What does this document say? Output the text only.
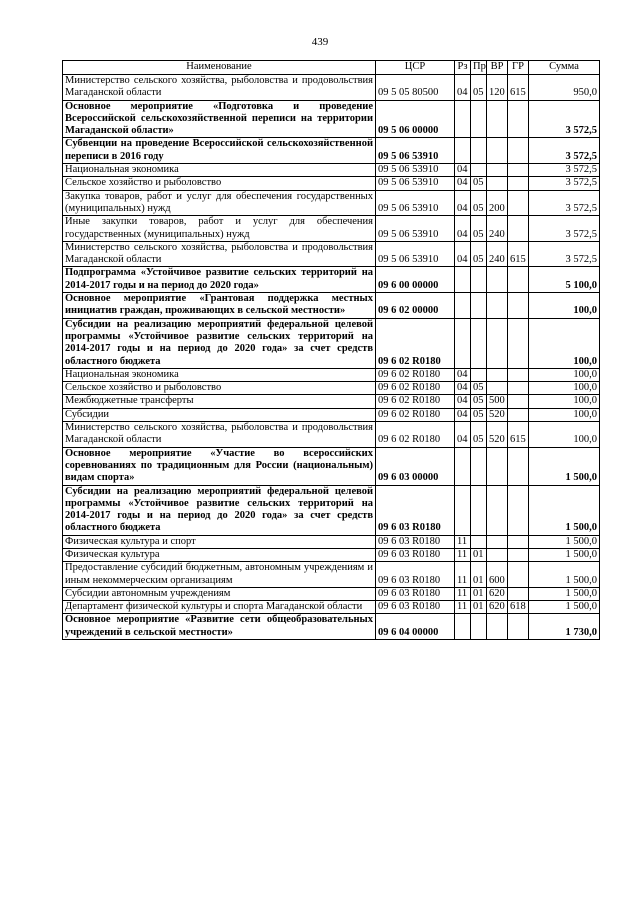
439
Наименование	ЦСР	Рз	Пр	ВР	ГР	Сумма
Министерство сельского хозяйства, рыболовства и продовольствия Магаданской области	09 5 05 80500	04	05	120	615	950,0
Основное мероприятие «Подготовка и проведение Всероссийской сельскохозяйственной переписи на территории Магаданской области»	09 5 06 00000					3 572,5
Субвенции на проведение Всероссийской сельскохозяйственной переписи в 2016 году	09 5 06 53910					3 572,5
Национальная экономика	09 5 06 53910	04				3 572,5
Сельское хозяйство и рыболовство	09 5 06 53910	04	05			3 572,5
Закупка товаров, работ и услуг для обеспечения государственных (муниципальных) нужд	09 5 06 53910	04	05	200		3 572,5
Иные закупки товаров, работ и услуг для обеспечения государственных (муниципальных) нужд	09 5 06 53910	04	05	240		3 572,5
Министерство сельского хозяйства, рыболовства и продовольствия Магаданской области	09 5 06 53910	04	05	240	615	3 572,5
Подпрограмма «Устойчивое развитие сельских территорий на 2014-2017 годы и на период до 2020 года»	09 6 00 00000					5 100,0
Основное мероприятие «Грантовая поддержка местных инициатив граждан, проживающих в сельской местности»	09 6 02 00000					100,0
Субсидии на реализацию мероприятий федеральной целевой программы «Устойчивое развитие сельских территорий на 2014-2017 годы и на период до 2020 года» за счет средств областного бюджета	09 6 02 R0180					100,0
Национальная экономика	09 6 02 R0180	04				100,0
Сельское хозяйство и рыболовство	09 6 02 R0180	04	05			100,0
Межбюджетные трансферты	09 6 02 R0180	04	05	500		100,0
Субсидии	09 6 02 R0180	04	05	520		100,0
Министерство сельского хозяйства, рыболовства и продовольствия Магаданской области	09 6 02 R0180	04	05	520	615	100,0
Основное мероприятие «Участие во всероссийских соревнованиях по традиционным для России (национальным) видам спорта»	09 6 03 00000					1 500,0
Субсидии на реализацию мероприятий федеральной целевой программы «Устойчивое развитие сельских территорий на 2014-2017 годы и на период до 2020 года» за счет средств областного бюджета	09 6 03 R0180					1 500,0
Физическая культура и спорт	09 6 03 R0180	11				1 500,0
Физическая культура	09 6 03 R0180	11	01			1 500,0
Предоставление субсидий бюджетным, автономным учреждениям и иным некоммерческим организациям	09 6 03 R0180	11	01	600		1 500,0
Субсидии автономным учреждениям	09 6 03 R0180	11	01	620		1 500,0
Департамент физической культуры и спорта Магаданской области	09 6 03 R0180	11	01	620	618	1 500,0
Основное мероприятие «Развитие сети общеобразовательных учреждений в сельской местности»	09 6 04 00000					1 730,0
